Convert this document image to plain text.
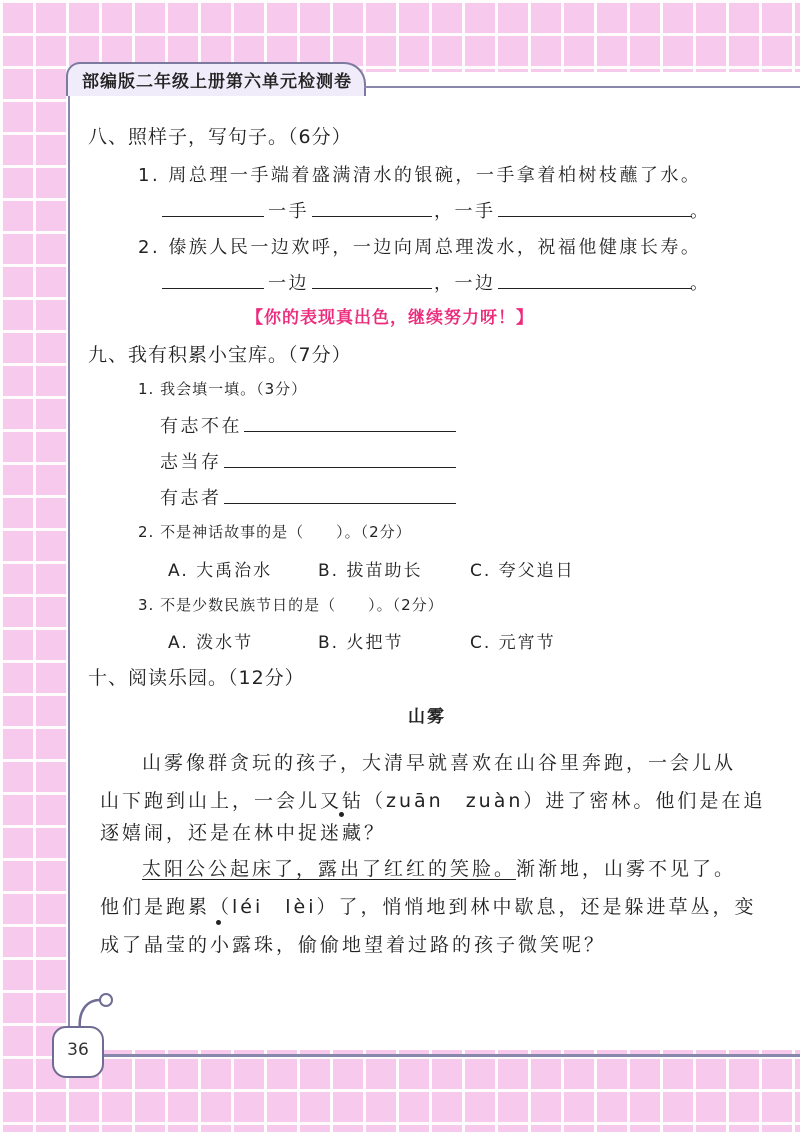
部编版二年级上册第六单元检测卷
八、照样子，写句子。（6分）
1. 周总理一手端着盛满清水的银碗，一手拿着柏树枝蘸了水。
一手	，一手	。
2. 傣族人民一边欢呼，一边向周总理泼水，祝福他健康长寿。
一边	，一边	。
【你的表现真出色，继续努力呀！】
九、我有积累小宝库。（7分）
1. 我会填一填。（3分）
有志不在
志当存
有志者
2. 不是神话故事的是（　　）。（2分）
A. 大禹治水	B. 拔苗助长	C. 夸父追日
3. 不是少数民族节日的是（　　）。（2分）
A. 泼水节	B. 火把节	C. 元宵节
十、阅读乐园。（12分）
山雾
山雾像群贪玩的孩子，大清早就喜欢在山谷里奔跑，一会儿从
山下跑到山上，一会儿又钻（zuān　zuàn）进了密林。他们是在追
逐嬉闹，还是在林中捉迷藏？
太阳公公起床了，露出了红红的笑脸。渐渐地，山雾不见了。
他们是跑累（léi　lèi）了，悄悄地到林中歇息，还是躲进草丛，变
成了晶莹的小露珠，偷偷地望着过路的孩子微笑呢？
36
